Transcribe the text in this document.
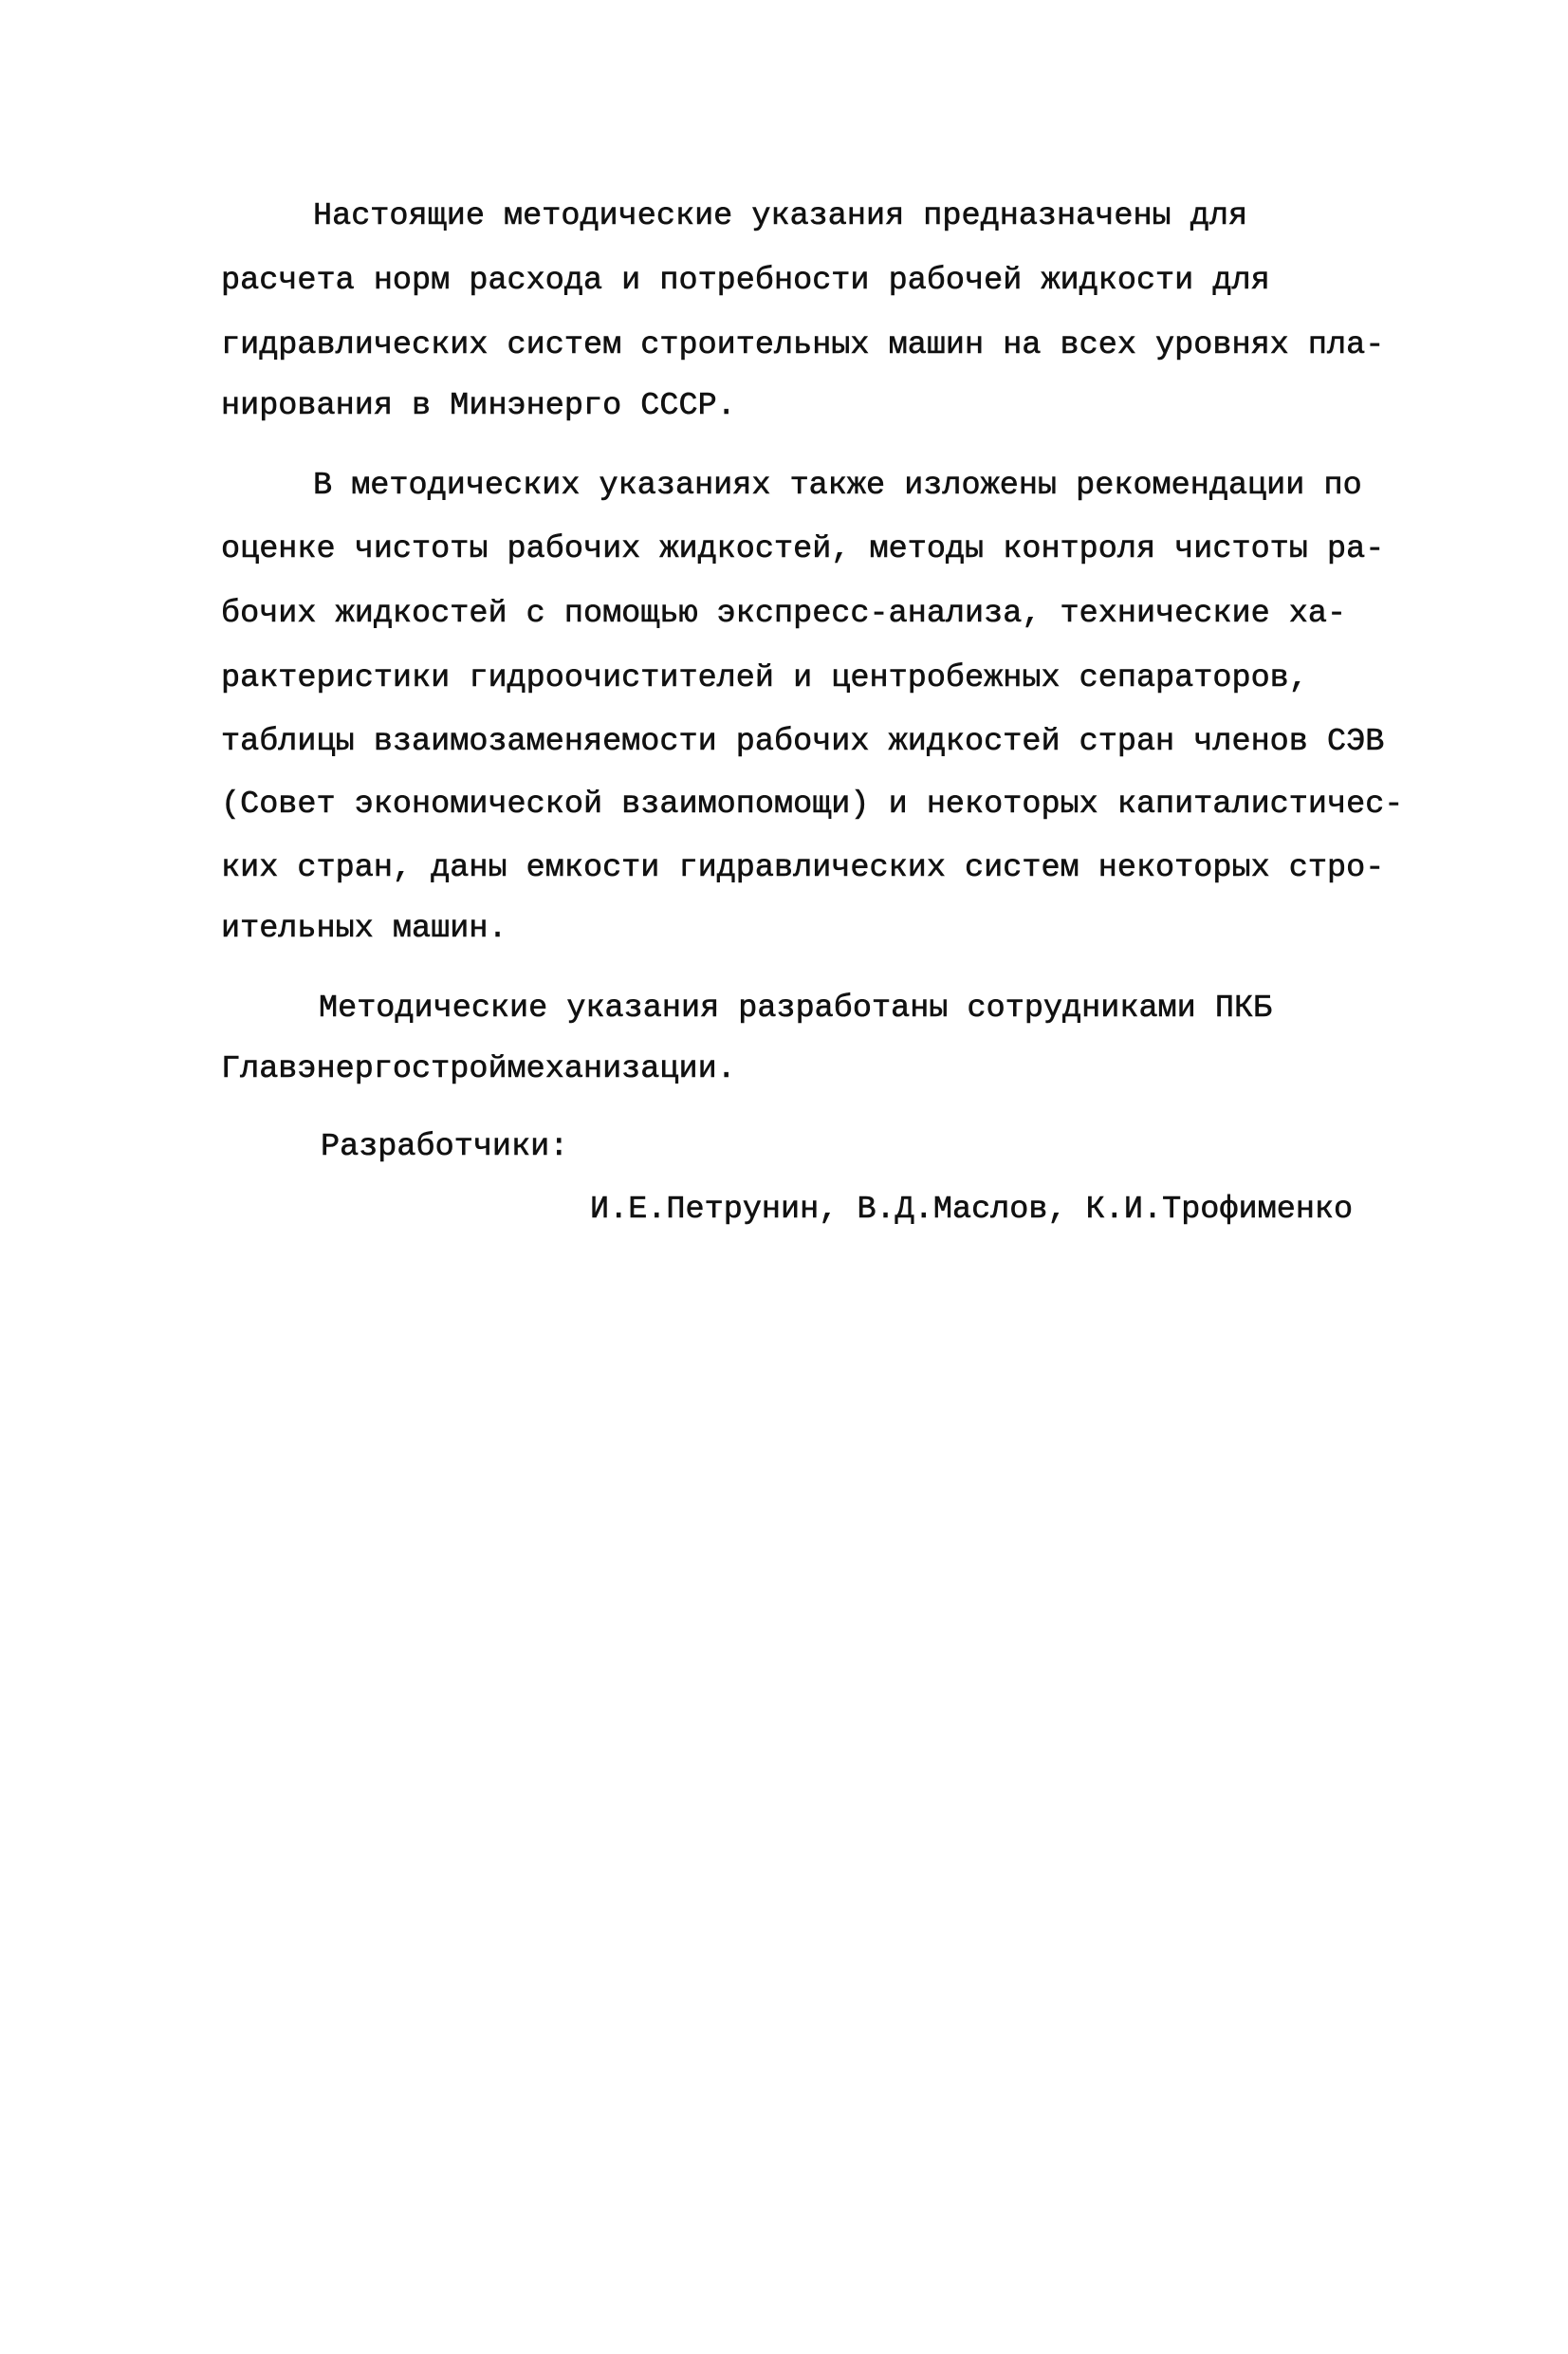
Настоящие методические указания предназначены для
расчета норм расхода и потребности рабочей жидкости для
гидравлических систем строительных машин на всех уровнях пла-
нирования в Минэнерго СССР.
В методических указаниях также изложены рекомендации по
оценке чистоты рабочих жидкостей, методы контроля чистоты ра-
бочих жидкостей с помощью экспресс-анализа, технические ха-
рактеристики гидроочистителей и центробежных сепараторов,
таблицы взаимозаменяемости рабочих жидкостей стран членов СЭВ
(Совет экономической взаимопомощи) и некоторых капиталистичес-
ких стран, даны емкости гидравлических систем некоторых стро-
ительных машин.
Методические указания разработаны сотрудниками ПКБ
Главэнергостроймеханизации.
Разработчики:
И.Е.Петрунин, В.Д.Маслов, К.И.Трофименко
